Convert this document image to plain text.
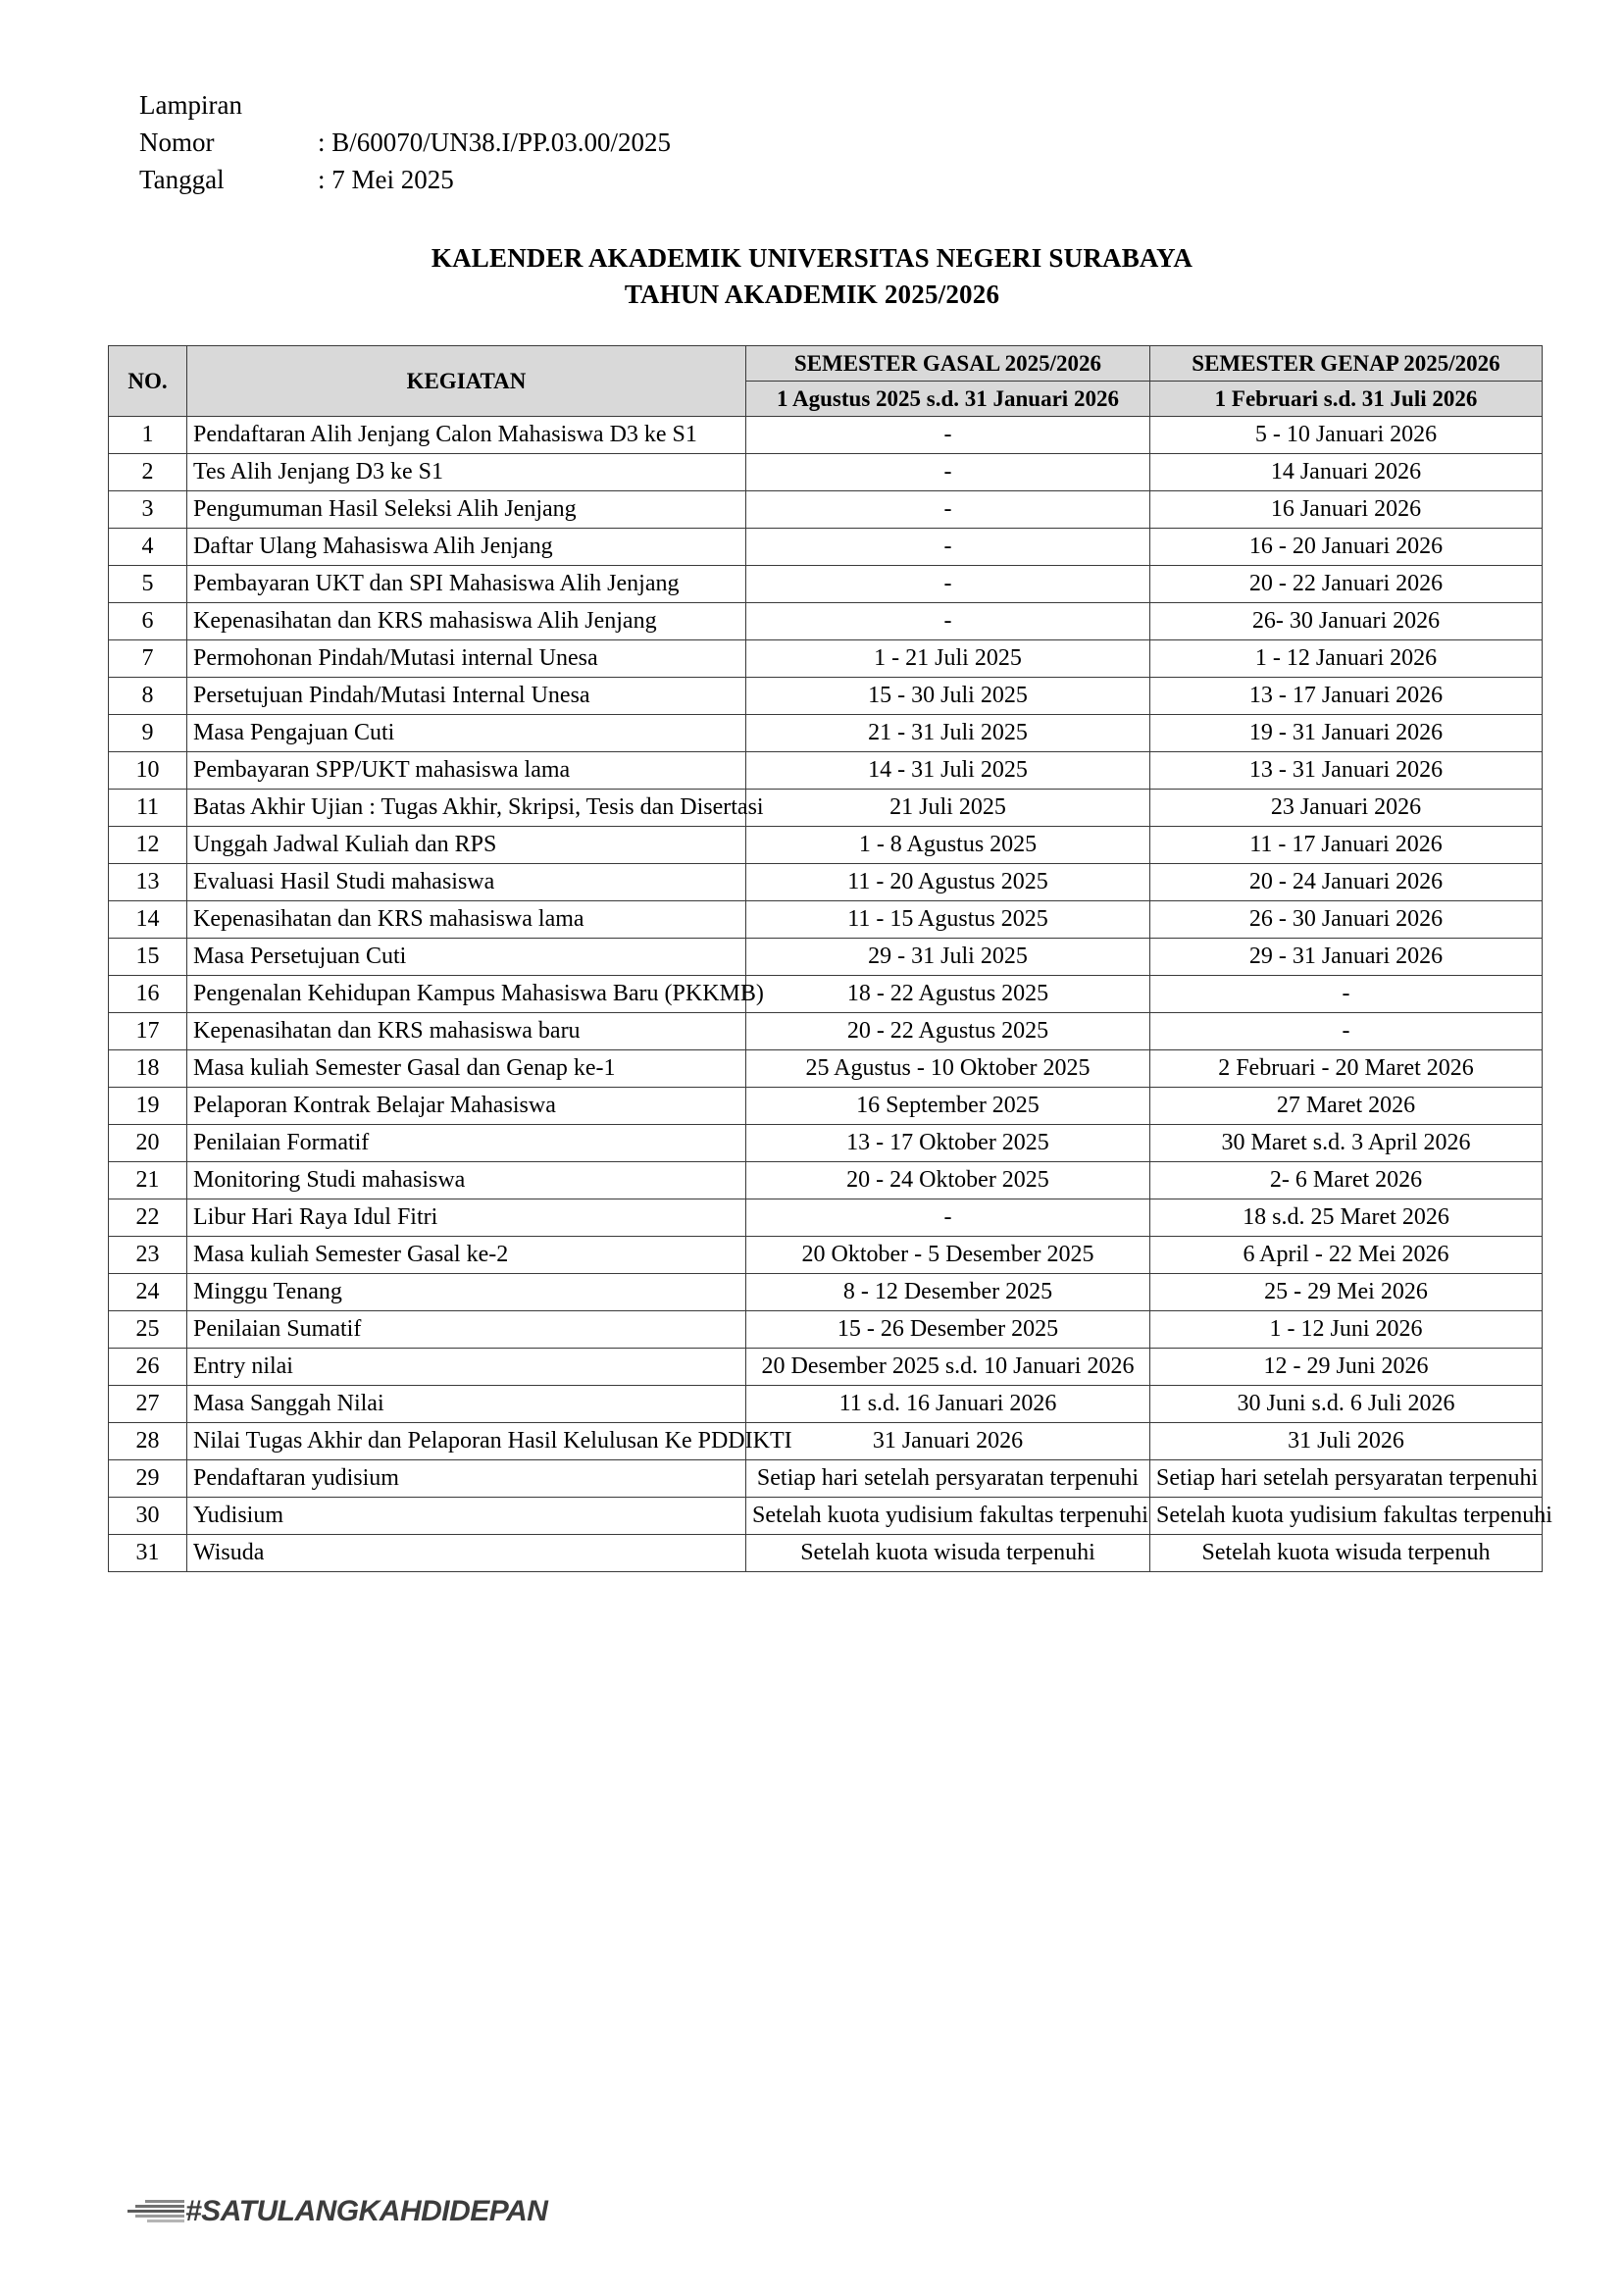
Lampiran
Nomor	: B/60070/UN38.I/PP.03.00/2025
Tanggal	: 7 Mei 2025
KALENDER AKADEMIK UNIVERSITAS NEGERI SURABAYA
TAHUN AKADEMIK 2025/2026
NO.	KEGIATAN	SEMESTER GASAL 2025/2026	SEMESTER GENAP 2025/2026
		1 Agustus 2025 s.d. 31 Januari 2026	1 Februari s.d. 31 Juli 2026
1	Pendaftaran Alih Jenjang Calon Mahasiswa D3 ke S1	-	5 - 10 Januari 2026
2	Tes Alih Jenjang D3 ke S1	-	14 Januari 2026
3	Pengumuman Hasil Seleksi Alih Jenjang	-	16 Januari 2026
4	Daftar Ulang Mahasiswa Alih Jenjang	-	16 - 20 Januari 2026
5	Pembayaran UKT dan SPI Mahasiswa Alih Jenjang	-	20 - 22 Januari 2026
6	Kepenasihatan dan KRS mahasiswa Alih Jenjang	-	26- 30 Januari 2026
7	Permohonan Pindah/Mutasi internal Unesa	1 - 21 Juli 2025	1 - 12 Januari 2026
8	Persetujuan Pindah/Mutasi Internal Unesa	15 - 30 Juli 2025	13 - 17 Januari 2026
9	Masa Pengajuan Cuti	21 - 31 Juli 2025	19 - 31 Januari 2026
10	Pembayaran SPP/UKT mahasiswa lama	14 - 31 Juli 2025	13 - 31 Januari 2026
11	Batas Akhir Ujian : Tugas Akhir, Skripsi, Tesis dan Disertasi	21 Juli 2025	23 Januari 2026
12	Unggah Jadwal Kuliah dan RPS	1 - 8 Agustus 2025	11 - 17 Januari 2026
13	Evaluasi Hasil Studi mahasiswa	11 - 20 Agustus 2025	20 - 24 Januari 2026
14	Kepenasihatan dan KRS mahasiswa lama	11 - 15 Agustus 2025	26 - 30 Januari 2026
15	Masa Persetujuan Cuti	29 - 31 Juli 2025	29 - 31 Januari 2026
16	Pengenalan Kehidupan Kampus Mahasiswa Baru (PKKMB)	18 - 22 Agustus 2025	-
17	Kepenasihatan dan KRS mahasiswa baru	20 - 22 Agustus 2025	-
18	Masa kuliah Semester Gasal dan Genap ke-1	25 Agustus - 10 Oktober 2025	2 Februari - 20 Maret 2026
19	Pelaporan Kontrak Belajar Mahasiswa	16 September 2025	27 Maret 2026
20	Penilaian Formatif	13 - 17 Oktober 2025	30 Maret s.d. 3 April 2026
21	Monitoring Studi mahasiswa	20 - 24 Oktober 2025	2- 6 Maret 2026
22	Libur Hari Raya Idul Fitri	-	18 s.d. 25 Maret 2026
23	Masa kuliah Semester Gasal ke-2	20 Oktober - 5 Desember 2025	6 April - 22 Mei 2026
24	Minggu Tenang	8 - 12 Desember 2025	25 - 29 Mei 2026
25	Penilaian Sumatif	15 - 26 Desember 2025	1 - 12 Juni 2026
26	Entry nilai	20 Desember 2025 s.d. 10 Januari 2026	12 - 29 Juni 2026
27	Masa Sanggah Nilai	11 s.d. 16 Januari 2026	30 Juni s.d. 6 Juli 2026
28	Nilai Tugas Akhir dan Pelaporan Hasil Kelulusan Ke PDDIKTI	31 Januari 2026	31 Juli 2026
29	Pendaftaran yudisium	Setiap hari setelah persyaratan terpenuhi	Setiap hari setelah persyaratan terpenuhi
30	Yudisium	Setelah kuota yudisium fakultas terpenuhi	Setelah kuota yudisium fakultas terpenuhi
31	Wisuda	Setelah kuota wisuda terpenuhi	Setelah kuota wisuda terpenuh
#SATULANGKAHDIDEPAN
